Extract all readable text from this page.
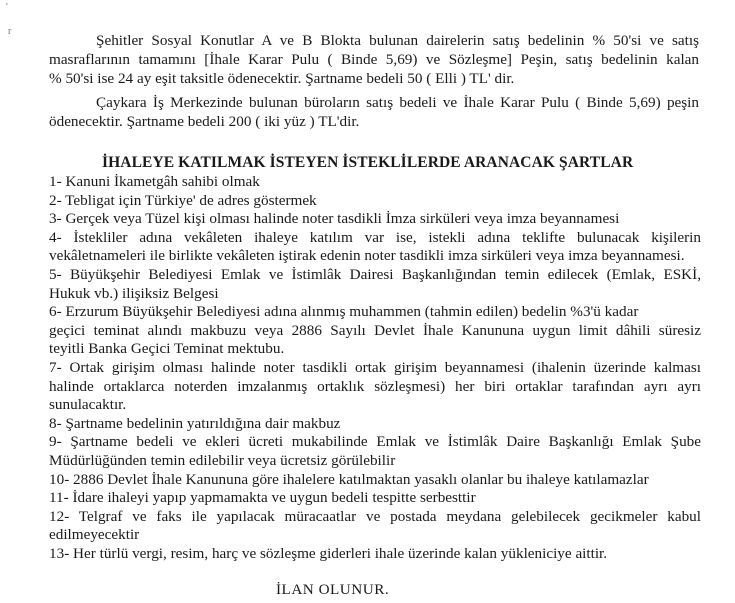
'
r

Şehitler Sosyal Konutlar A ve B Blokta bulunan dairelerin satış bedelinin % 50'si ve satış
masraflarının tamamını [İhale Karar Pulu ( Binde 5,69) ve Sözleşme] Peşin, satış bedelinin kalan
% 50'si ise 24 ay eşit taksitle ödenecektir. Şartname bedeli 50 ( Elli ) TL' dir.

Çaykara İş Merkezinde bulunan büroların satış bedeli ve İhale Karar Pulu ( Binde 5,69) peşin
ödenecektir. Şartname bedeli 200 ( iki yüz ) TL'dir.

İHALEYE KATILMAK İSTEYEN İSTEKLİLERDE ARANACAK ŞARTLAR
1- Kanuni İkametgâh sahibi olmak
2- Tebligat için Türkiye' de adres göstermek
3- Gerçek veya Tüzel kişi olması halinde noter tasdikli İmza sirküleri veya imza beyannamesi
4- İstekliler adına vekâleten ihaleye katılım var ise, istekli adına teklifte bulunacak kişilerin
vekâletnameleri ile birlikte vekâleten iştirak edenin noter tasdikli imza sirküleri veya imza beyannamesi.
5- Büyükşehir Belediyesi Emlak ve İstimlâk Dairesi Başkanlığından temin edilecek (Emlak, ESKİ,
Hukuk vb.) ilişiksiz Belgesi
6- Erzurum Büyükşehir Belediyesi adına alınmış muhammen (tahmin edilen) bedelin %3'ü kadar
geçici teminat alındı makbuzu veya 2886 Sayılı Devlet İhale Kanununa uygun limit dâhili süresiz
teyitli Banka Geçici Teminat mektubu.
7- Ortak girişim olması halinde noter tasdikli ortak girişim beyannamesi (ihalenin üzerinde kalması
halinde ortaklarca noterden imzalanmış ortaklık sözleşmesi) her biri ortaklar tarafından ayrı ayrı
sunulacaktır.
8- Şartname bedelinin yatırıldığına dair makbuz
9- Şartname bedeli ve ekleri ücreti mukabilinde Emlak ve İstimlâk Daire Başkanlığı Emlak Şube
Müdürlüğünden temin edilebilir veya ücretsiz görülebilir
10- 2886 Devlet İhale Kanununa göre ihalelere katılmaktan yasaklı olanlar bu ihaleye katılamazlar
11- İdare ihaleyi yapıp yapmamakta ve uygun bedeli tespitte serbesttir
12- Telgraf ve faks ile yapılacak müracaatlar ve postada meydana gelebilecek gecikmeler kabul
edilmeyecektir
13- Her türlü vergi, resim, harç ve sözleşme giderleri ihale üzerinde kalan yükleniciye aittir.

İLAN OLUNUR.
